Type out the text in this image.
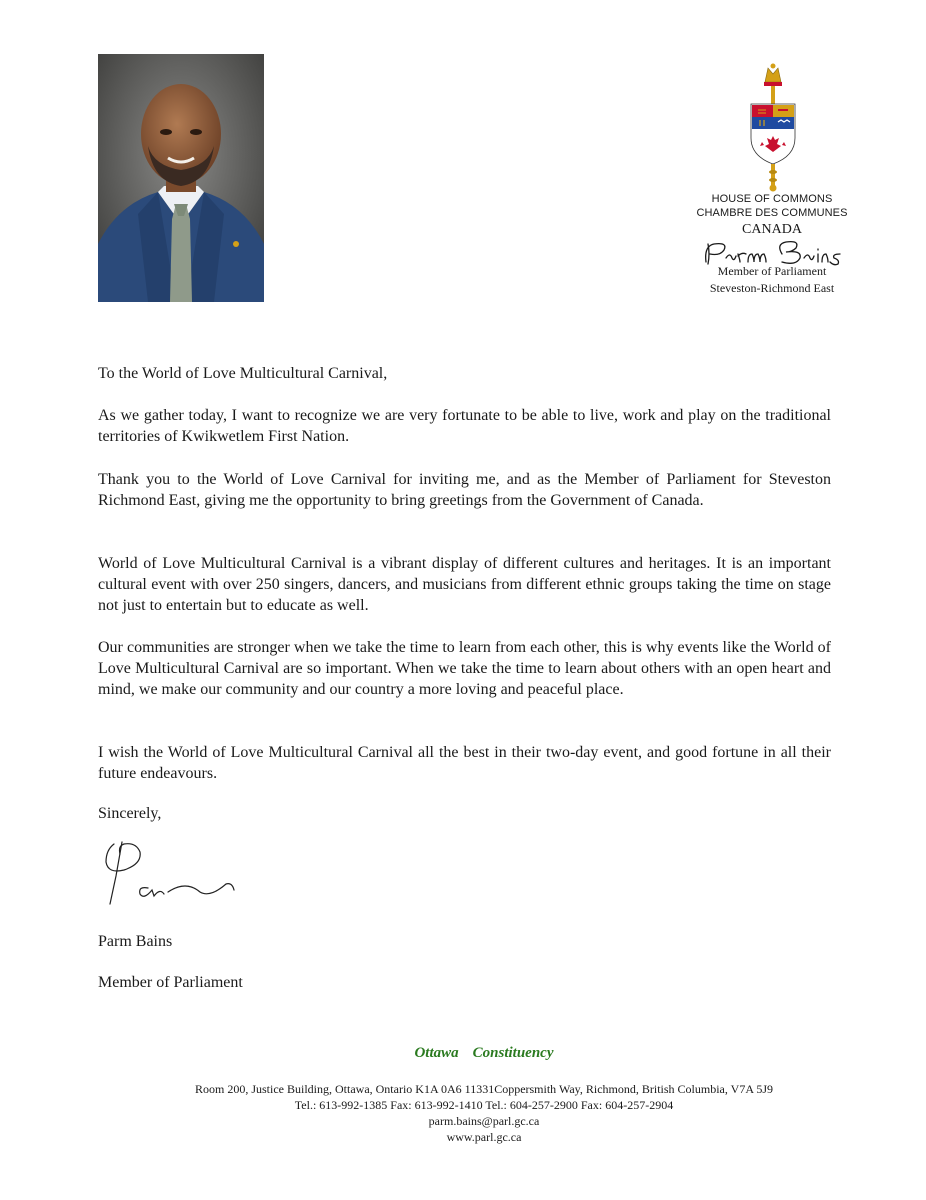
HOUSE OF COMMONS
CHAMBRE DES COMMUNES
CANADA
Member of Parliament
Steveston-Richmond East
To the World of Love Multicultural Carnival,
As we gather today, I want to recognize we are very fortunate to be able to live, work and play on the traditional territories of Kwikwetlem First Nation.
Thank you to the World of Love Carnival for inviting me, and as the Member of Parliament for Steveston Richmond East, giving me the opportunity to bring greetings from the Government of Canada.
World of Love Multicultural Carnival is a vibrant display of different cultures and heritages. It is an important cultural event with over 250 singers, dancers, and musicians from different ethnic groups taking the time on stage not just to entertain but to educate as well.
Our communities are stronger when we take the time to learn from each other, this is why events like the World of Love Multicultural Carnival are so important. When we take the time to learn about others with an open heart and mind, we make our community and our country a more loving and peaceful place.
I wish the World of Love Multicultural Carnival all the best in their two-day event, and good fortune in all their future endeavours.
Sincerely,
Parm Bains
Member of Parliament
Ottawa Constituency
Room 200, Justice Building, Ottawa, Ontario K1A 0A6 11331Coppersmith Way, Richmond, British Columbia, V7A 5J9
Tel.: 613-992-1385 Fax: 613-992-1410 Tel.: 604-257-2900 Fax: 604-257-2904
parm.bains@parl.gc.ca
www.parl.gc.ca
